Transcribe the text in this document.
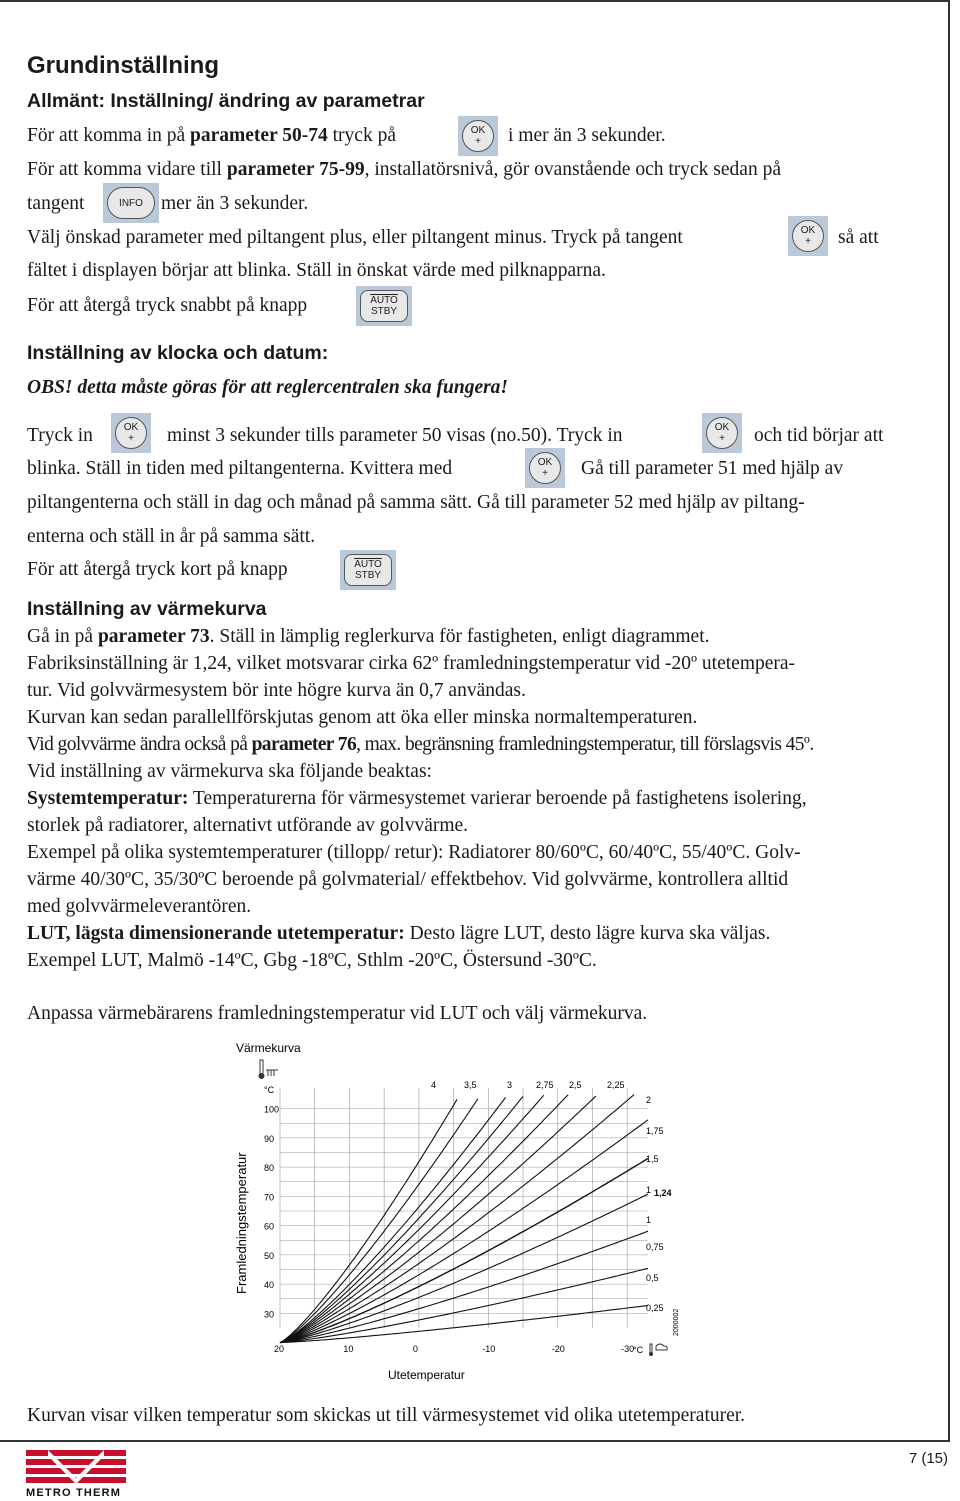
Grundinställning
Allmänt: Inställning/ ändring av parametrar
För att komma in på parameter 50-74 tryck på	OK
+	i mer än 3 sekunder.
För att komma vidare till parameter 75-99, installatörsnivå, gör ovanstående och tryck sedan på
tangent	INFO mer än 3 sekunder.
Välj önskad parameter med piltangent plus, eller piltangent minus. Tryck på tangent	OK
+	så att
fältet i displayen börjar att blinka. Ställ in önskat värde med pilknapparna.
För att återgå tryck snabbt på knapp	AUTO
STBY
Inställning av klocka och datum:
OBS! detta måste göras för att reglercentralen ska fungera!
Tryck in	OK
+	minst 3 sekunder tills parameter 50 visas (no.50). Tryck in	OK
+	och tid börjar att
blinka. Ställ in tiden med piltangenterna. Kvittera med	OK
+	Gå till parameter 51 med hjälp av
piltangenterna och ställ in dag och månad på samma sätt. Gå till parameter 52 med hjälp av piltang-
enterna och ställ in år på samma sätt.
För att återgå tryck kort på knapp	AUTO
STBY
Inställning av värmekurva
Gå in på parameter 73. Ställ in lämplig reglerkurva för fastigheten, enligt diagrammet.
Fabriksinställning är 1,24, vilket motsvarar cirka 62º framledningstemperatur vid -20º utetempera-
tur. Vid golvvärmesystem bör inte högre kurva än 0,7 användas.
Kurvan kan sedan parallellförskjutas genom att öka eller minska normaltemperaturen.
Vid golvvärme ändra också på parameter 76, max. begränsning framledningstemperatur, till förslagsvis 45º.
Vid inställning av värmekurva ska följande beaktas:
Systemtemperatur: Temperaturerna för värmesystemet varierar beroende på fastighetens isolering,
storlek på radiatorer, alternativt utförande av golvvärme.
Exempel på olika systemtemperaturer (tillopp/ retur): Radiatorer 80/60ºC, 60/40ºC, 55/40ºC. Golv-
värme 40/30ºC, 35/30ºC beroende på golvmaterial/ effektbehov. Vid golvvärme, kontrollera alltid
med golvvärmeleverantören.
LUT, lägsta dimensionerande utetemperatur: Desto lägre LUT, desto lägre kurva ska väljas.
Exempel LUT, Malmö -14ºC, Gbg -18ºC, Sthlm -20ºC, Östersund -30ºC.
Anpassa värmebärarens framledningstemperatur vid LUT och välj värmekurva.
Värmekurva
°C
Framledningstemperatur
Utetemperatur
°C
2000002
100
90
80
70
60
50
40
30
20	10	0	-10	-20	-30
4	3,5	3	2,75 2,5	2,25
2
1,75
1,5
1 1,24
1
0,75
0,5
0,25
Kurvan visar vilken temperatur som skickas ut till värmesystemet vid olika utetemperaturer.
METRO THERM
7 (15)
